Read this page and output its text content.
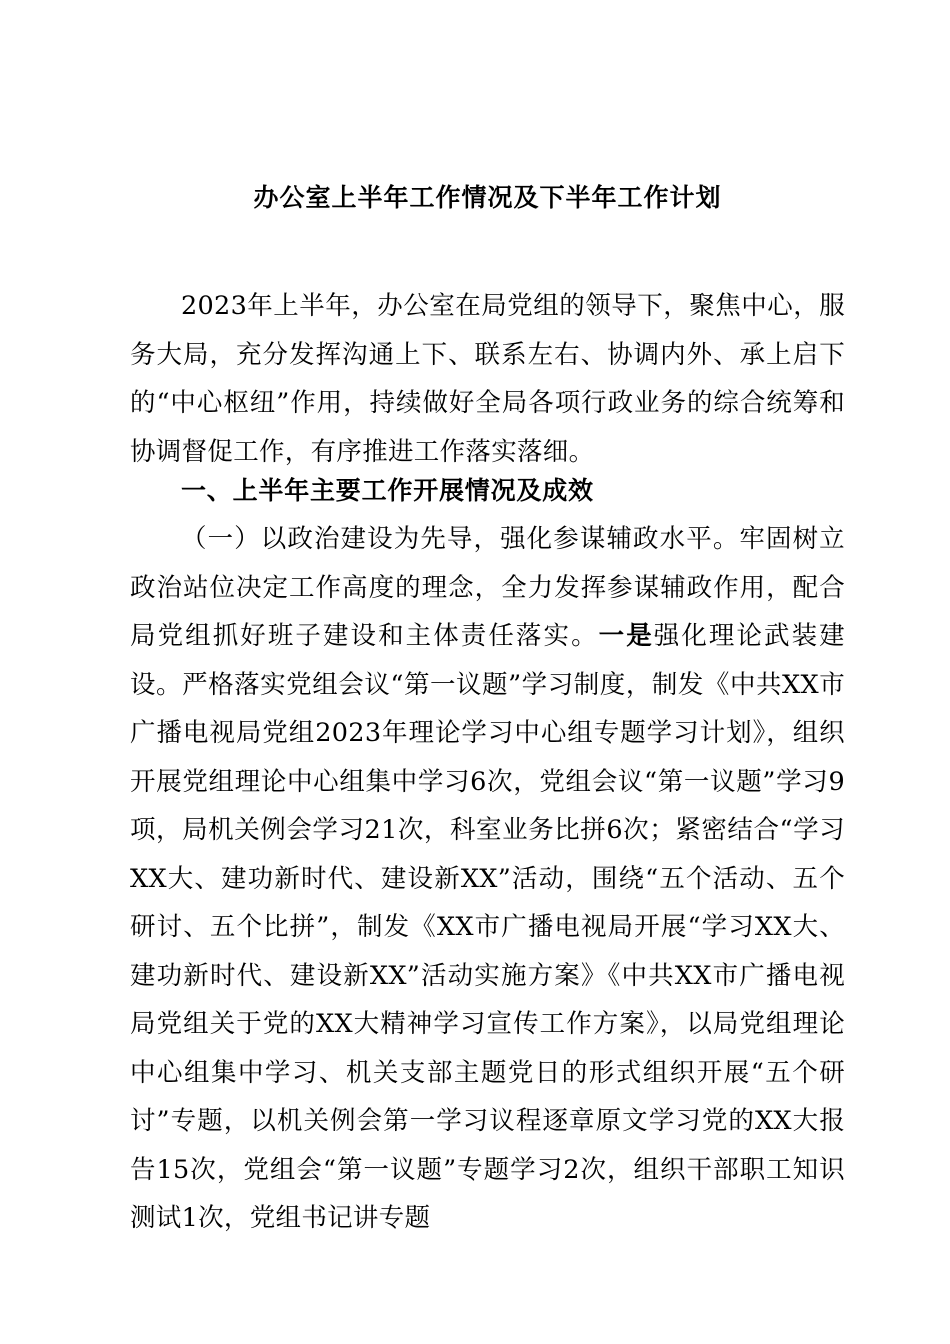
办公室上半年工作情况及下半年工作计划

2023年上半年，办公室在局党组的领导下，聚焦中心，服务大局，充分发挥沟通上下、联系左右、协调内外、承上启下的“中心枢纽”作用，持续做好全局各项行政业务的综合统筹和协调督促工作，有序推进工作落实落细。

一、上半年主要工作开展情况及成效

（一）以政治建设为先导，强化参谋辅政水平。牢固树立政治站位决定工作高度的理念，全力发挥参谋辅政作用，配合局党组抓好班子建设和主体责任落实。一是强化理论武装建设。严格落实党组会议“第一议题”学习制度，制发《中共XX市广播电视局党组2023年理论学习中心组专题学习计划》，组织开展党组理论中心组集中学习6次，党组会议“第一议题”学习9项，局机关例会学习21次，科室业务比拼6次；紧密结合“学习XX大、建功新时代、建设新XX”活动，围绕“五个活动、五个研讨、五个比拼”，制发《XX市广播电视局开展“学习XX大、建功新时代、建设新XX”活动实施方案》《中共XX市广播电视局党组关于党的XX大精神学习宣传工作方案》，以局党组理论中心组集中学习、机关支部主题党日的形式组织开展“五个研讨”专题，以机关例会第一学习议程逐章原文学习党的XX大报告15次，党组会“第一议题”专题学习2次，组织干部职工知识测试1次，党组书记讲专题
